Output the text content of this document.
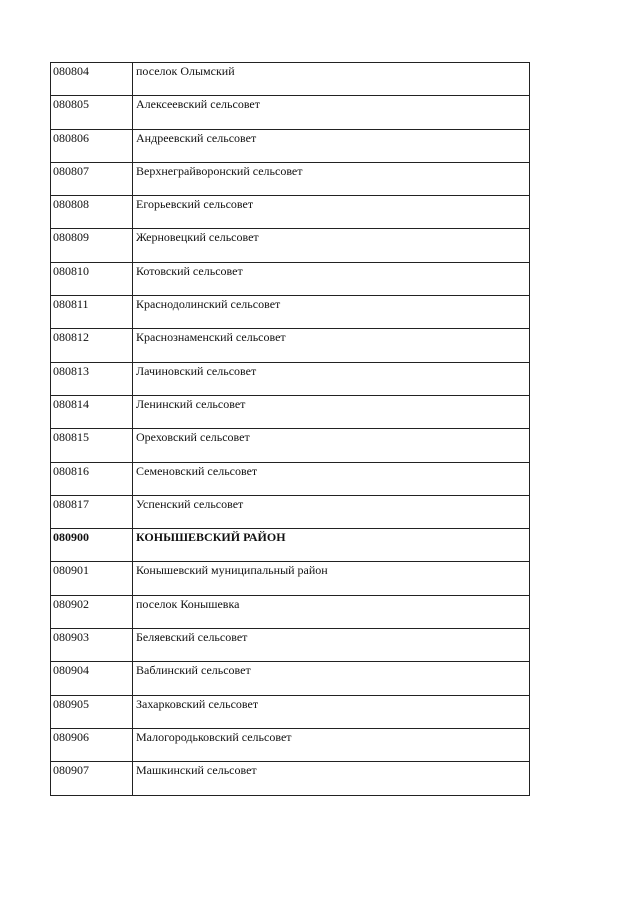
080804	поселок Олымский
080805	Алексеевский сельсовет
080806	Андреевский сельсовет
080807	Верхнеграйворонский сельсовет
080808	Егорьевский сельсовет
080809	Жерновецкий сельсовет
080810	Котовский сельсовет
080811	Краснодолинский сельсовет
080812	Краснознаменский сельсовет
080813	Лачиновский сельсовет
080814	Ленинский сельсовет
080815	Ореховский сельсовет
080816	Семеновский сельсовет
080817	Успенский сельсовет
080900	КОНЫШЕВСКИЙ РАЙОН
080901	Конышевский муниципальный район
080902	поселок Конышевка
080903	Беляевский сельсовет
080904	Ваблинский сельсовет
080905	Захарковский сельсовет
080906	Малогородьковский сельсовет
080907	Машкинский сельсовет
